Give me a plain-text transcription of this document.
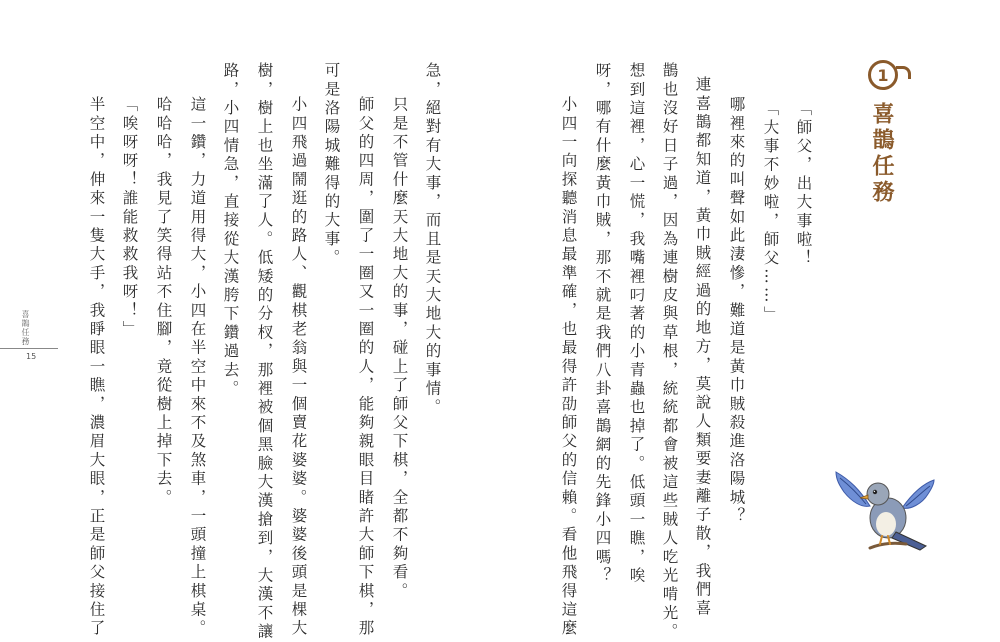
喜鵲任務
15
1
喜鵲任務
「師父，出大事啦！
「大事不妙啦，師父……」
哪裡來的叫聲如此淒慘，難道是黃巾賊殺進洛陽城？
連喜鵲都知道，黃巾賊經過的地方，莫說人類要妻離子散，我們喜
鵲也沒好日子過，因為連樹皮與草根，統統都會被這些賊人吃光啃光。
想到這裡，心一慌，我嘴裡叼著的小青蟲也掉了。低頭一瞧，唉
呀，哪有什麼黃巾賊，那不就是我們八卦喜鵲網的先鋒小四嗎？
小四一向探聽消息最準確，也最得許劭師父的信賴。看他飛得這麼
急，絕對有大事，而且是天大地大的事情。
只是不管什麼天大地大的事，碰上了師父下棋，全都不夠看。
師父的四周，圍了一圈又一圈的人，能夠親眼目睹許大師下棋，那
可是洛陽城難得的大事。
小四飛過鬧逛的路人、觀棋老翁與一個賣花婆婆。婆婆後頭是棵大
樹，樹上也坐滿了人。低矮的分杈，那裡被個黑臉大漢搶到，大漢不讓
路，小四情急，直接從大漢胯下鑽過去。
這一鑽，力道用得大，小四在半空中來不及煞車，一頭撞上棋桌。
哈哈哈，我見了笑得站不住腳，竟從樹上掉下去。
「唉呀呀！誰能救救我呀！」
半空中，伸來一隻大手，我睜眼一瞧，濃眉大眼，正是師父接住了
